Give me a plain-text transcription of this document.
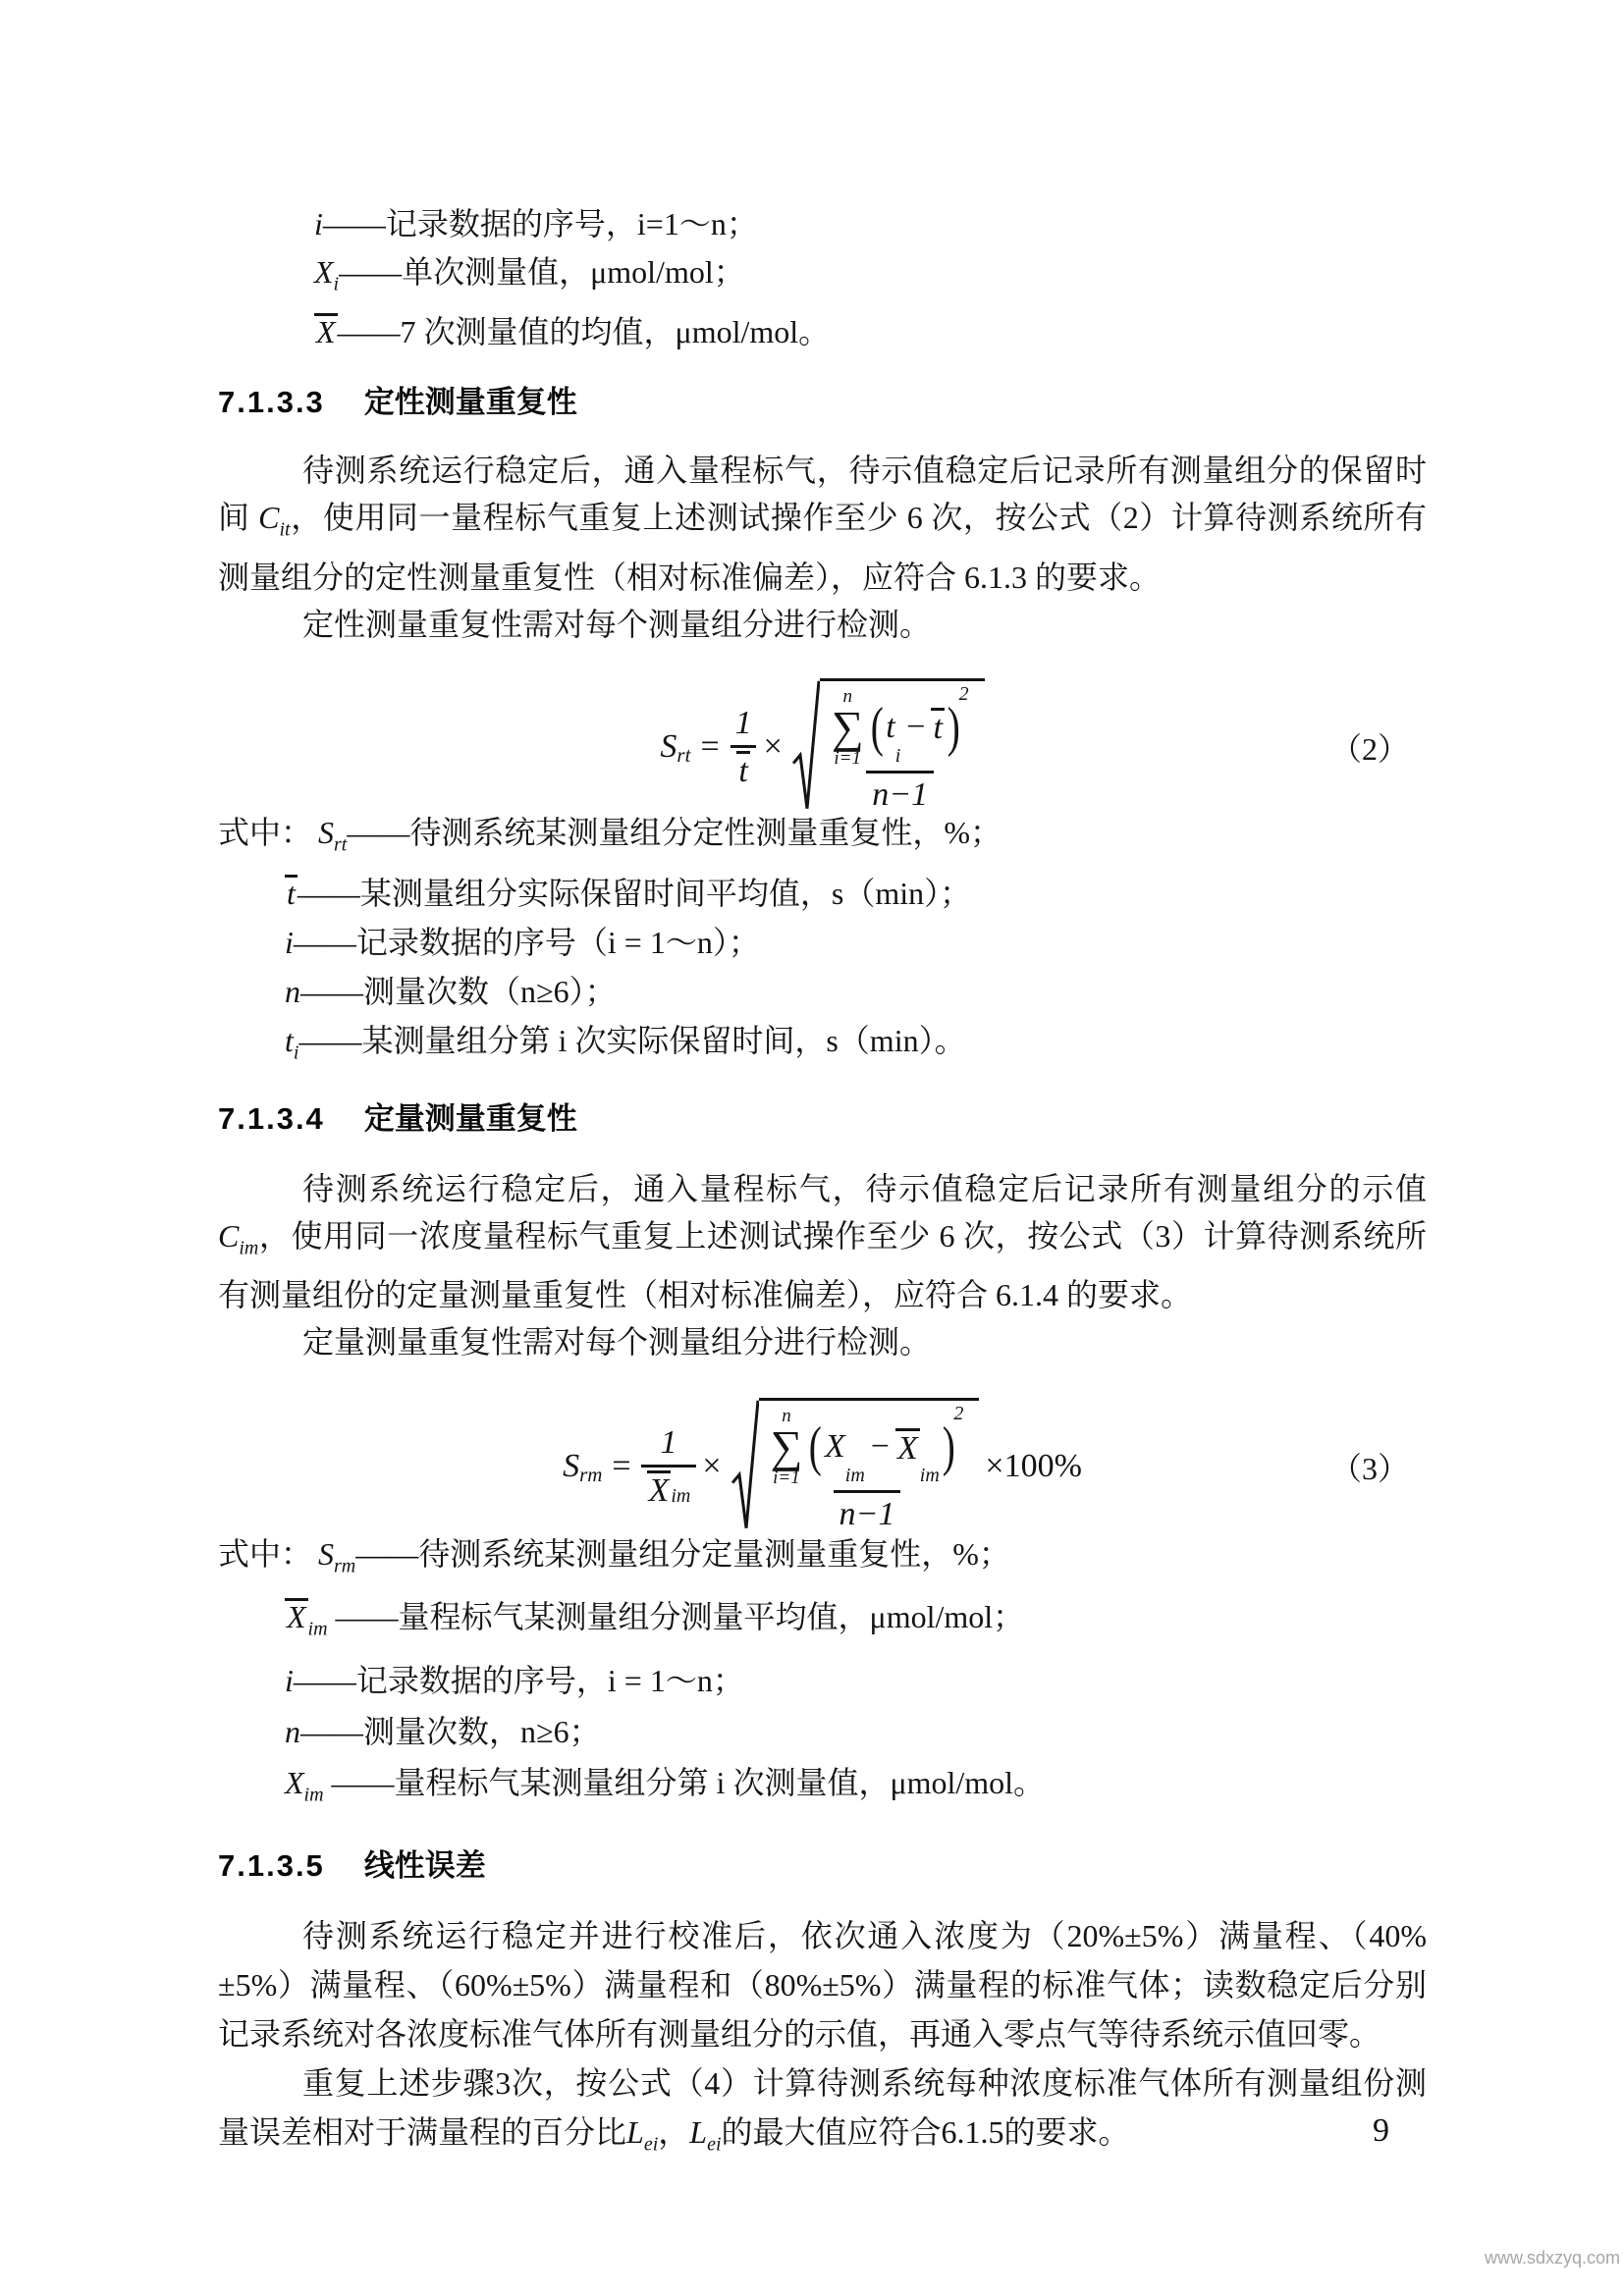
i——记录数据的序号，i=1～n；
$X_i——$单次测量值，μmol/mol；
X——7 次测量值的均值，μmol/mol。
7.1.3.3 定性测量重复性

待测系统运行稳定后，通入量程标气，待示值稳定后记录所有测量组分的保留时间 $C_{it}$，使用同一量程标气重复上述测试操作至少 6 次，按公式（2）计算待测系统所有测量组分的定性测量重复性（相对标准偏差），应符合 6.1.3 的要求。

定性测量重复性需对每个测量组分进行检测。

$S_{rt} = \frac{1}{t} \times n$
∑
i=1
( t
$_i$
− t )
2
n−1	（2）
式中： $S_{rt}——$待测系统某测量组分定性测量重复性，%；
t——某测量组分实际保留时间平均值，s（min）；
i——记录数据的序号（i = 1～n）；
n——测量次数（n≥6）；
$t_i——$某测量组分第 i 次实际保留时间，s（min）。
7.1.3.4 定量测量重复性

待测系统运行稳定后，通入量程标气，待示值稳定后记录所有测量组分的示值 $C_{im}$，使用同一浓度量程标气重复上述测试操作至少 6 次，按公式（3）计算待测系统所有测量组份的定量测量重复性（相对标准偏差），应符合 6.1.4 的要求。

定量测量重复性需对每个测量组分进行检测。

$S_{rm} = \frac{1}{X_{im}} \times n$
∑
i=1
( X
$_{im}$
− X
$_{im}$ )
2
n−1 ×100%	（3）
式中： $S_{rm}——$待测系统某测量组分定量测量重复性，%；
X $_{im}$ ——量程标气某测量组分测量平均值，μmol/mol；
i——记录数据的序号，i = 1～n；
n——测量次数，n≥6；
$X_{im}$ ——量程标气某测量组分第 i 次测量值，μmol/mol。
7.1.3.5 线性误差

待测系统运行稳定并进行校准后，依次通入浓度为（20%±5%）满量程、（40%±5%）满量程、（60%±5%）满量程和（80%±5%）满量程的标准气体；读数稳定后分别记录系统对各浓度标准气体所有测量组分的示值，再通入零点气等待系统示值回零。

重复上述步骤3次，按公式（4）计算待测系统每种浓度标准气体所有测量组份测量误差相对于满量程的百分比$L_{ei}$，$L_{ei}$的最大值应符合6.1.5的要求。	9
www.sdxzyq.com
